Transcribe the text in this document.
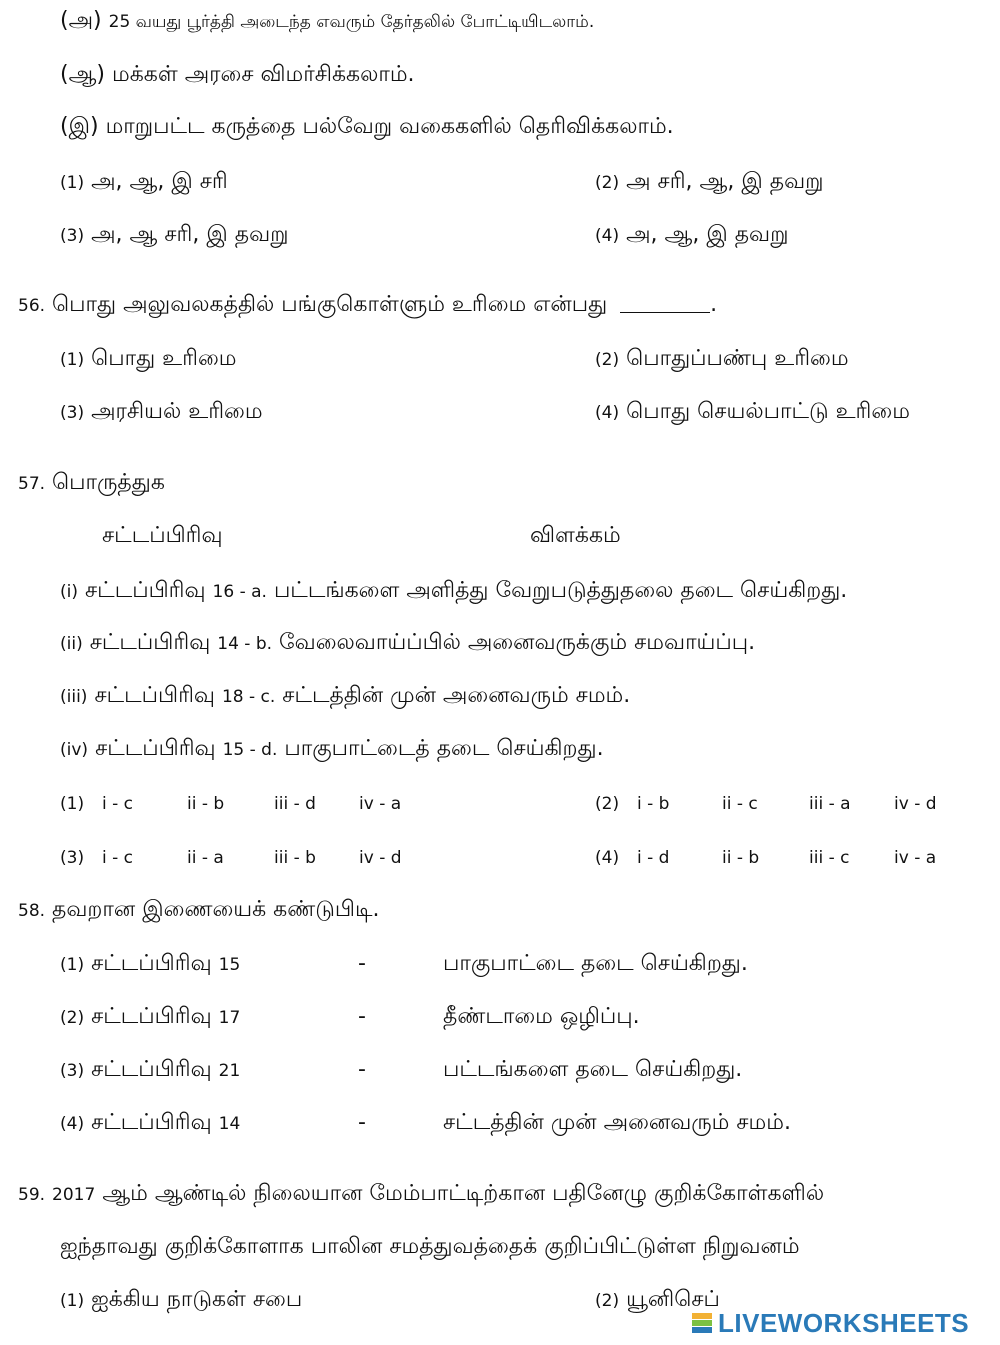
(அ) 25 வயது பூர்த்தி அடைந்த எவரும் தேர்தலில் போட்டியிடலாம்.
(ஆ) மக்கள் அரசை விமர்சிக்கலாம்.
(இ) மாறுபட்ட கருத்தை பல்வேறு வகைகளில் தெரிவிக்கலாம்.
(1) அ, ஆ, இ சரி	(2) அ சரி, ஆ, இ தவறு
(3) அ, ஆ சரி, இ தவறு	(4) அ, ஆ, இ தவறு
56. பொது அலுவலகத்தில் பங்குகொள்ளும் உரிமை என்பது	.
(1) பொது உரிமை	(2) பொதுப்பண்பு உரிமை
(3) அரசியல் உரிமை	(4) பொது செயல்பாட்டு உரிமை
57. பொருத்துக
சட்டப்பிரிவு	விளக்கம்
(i) சட்டப்பிரிவு 16 - a. பட்டங்களை அளித்து வேறுபடுத்துதலை தடை செய்கிறது.
(ii) சட்டப்பிரிவு 14 - b. வேலைவாய்ப்பில் அனைவருக்கும் சமவாய்ப்பு.
(iii) சட்டப்பிரிவு 18 - c. சட்டத்தின் முன் அனைவரும் சமம்.
(iv) சட்டப்பிரிவு 15 - d. பாகுபாட்டைத் தடை செய்கிறது.
(1) i - c	ii - b	iii - d	iv - a	(2) i - b	ii - c	iii - a	iv - d
(3) i - c	ii - a	iii - b	iv - d	(4) i - d	ii - b	iii - c	iv - a
58. தவறான இணையைக் கண்டுபிடி.
(1) சட்டப்பிரிவு 15	-	பாகுபாட்டை தடை செய்கிறது.
(2) சட்டப்பிரிவு 17	-	தீண்டாமை ஒழிப்பு.
(3) சட்டப்பிரிவு 21	-	பட்டங்களை தடை செய்கிறது.
(4) சட்டப்பிரிவு 14	-	சட்டத்தின் முன் அனைவரும் சமம்.
59. 2017 ஆம் ஆண்டில் நிலையான மேம்பாட்டிற்கான பதினேழு குறிக்கோள்களில்
ஐந்தாவது குறிக்கோளாக பாலின சமத்துவத்தைக் குறிப்பிட்டுள்ள நிறுவனம்
(1) ஐக்கிய நாடுகள் சபை	(2) யூனிசெப்
LIVEWORKSHEETS
